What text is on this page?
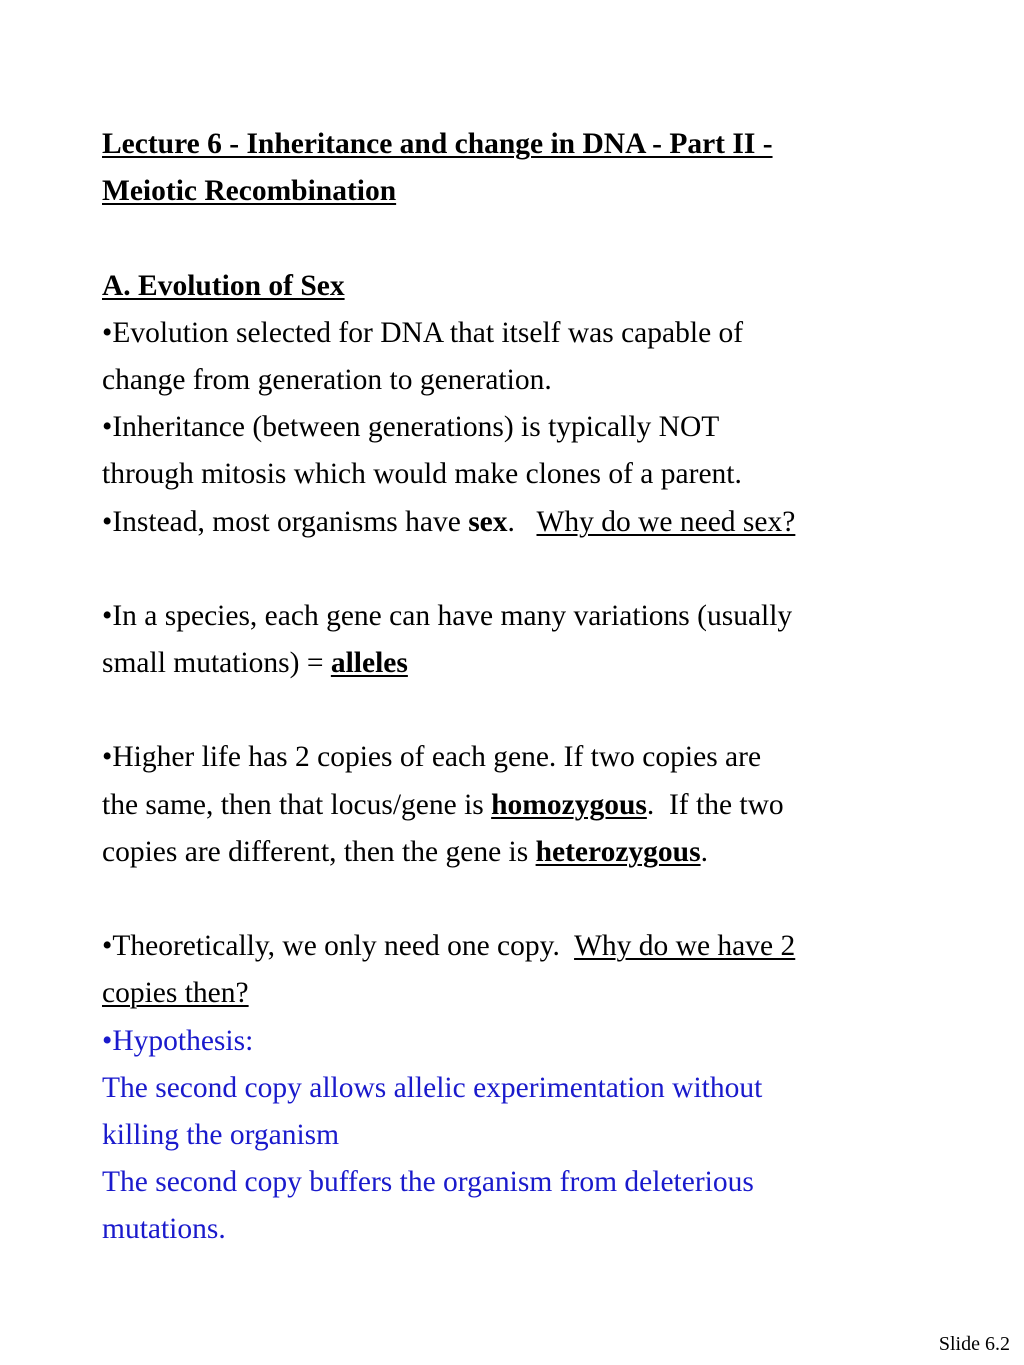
Lecture 6 - Inheritance and change in DNA - Part II -
Meiotic Recombination
A. Evolution of Sex
•Evolution selected for DNA that itself was capable of
change from generation to generation.
•Inheritance (between generations) is typically NOT
through mitosis which would make clones of a parent.
•Instead, most organisms have sex.   Why do we need sex?
•In a species, each gene can have many variations (usually
small mutations) = alleles
•Higher life has 2 copies of each gene. If two copies are
the same, then that locus/gene is homozygous.  If the two
copies are different, then the gene is heterozygous.
•Theoretically, we only need one copy.  Why do we have 2
copies then?
•Hypothesis:
The second copy allows allelic experimentation without
killing the organism
The second copy buffers the organism from deleterious
mutations.
Slide 6.2
